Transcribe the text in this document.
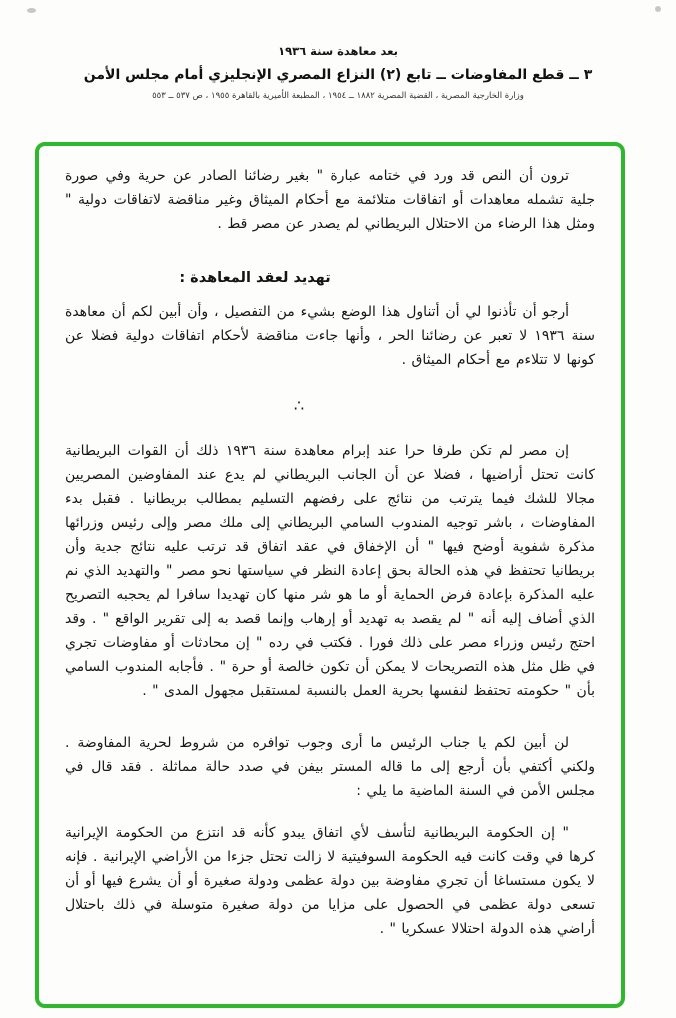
بعد معاهدة سنة ١٩٣٦
٣ ــ قطع المفاوضات ــ تابع (٢) النزاع المصري الإنجليزي أمام مجلس الأمن
وزارة الخارجية المصرية ، القضية المصرية ١٨٨٢ ــ ١٩٥٤ ، المطبعة الأميرية بالقاهرة ١٩٥٥ ، ص ٥٣٧ ــ ٥٥٣

ترون أن النص قد ورد في ختامه عبارة " بغير رضائنا الصادر عن حرية وفي صورة جلية تشمله معاهدات أو اتفاقات متلائمة مع أحكام الميثاق وغير مناقضة لاتفاقات دولية " ومثل هذا الرضاء من الاحتلال البريطاني لم يصدر عن مصر قط .

تهديد لعقد المعاهدة :

أرجو أن تأذنوا لي أن أتناول هذا الوضع بشيء من التفصيل ، وأن أبين لكم أن معاهدة سنة ١٩٣٦ لا تعبر عن رضائنا الحر ، وأنها جاءت مناقضة لأحكام اتفاقات دولية فضلا عن كونها لا تتلاءم مع أحكام الميثاق .

∴

إن مصر لم تكن طرفا حرا عند إبرام معاهدة سنة ١٩٣٦ ذلك أن القوات البريطانية كانت تحتل أراضيها ، فضلا عن أن الجانب البريطاني لم يدع عند المفاوضين المصريين مجالا للشك فيما يترتب من نتائج على رفضهم التسليم بمطالب بريطانيا . فقبل بدء المفاوضات ، باشر توجيه المندوب السامي البريطاني إلى ملك مصر وإلى رئيس وزرائها مذكرة شفوية أوضح فيها " أن الإخفاق في عقد اتفاق قد ترتب عليه نتائج جدية وأن بريطانيا تحتفظ في هذه الحالة بحق إعادة النظر في سياستها نحو مصر " والتهديد الذي نم عليه المذكرة بإعادة فرض الحماية أو ما هو شر منها كان تهديدا سافرا لم يحجبه التصريح الذي أضاف إليه أنه " لم يقصد به تهديد أو إرهاب وإنما قصد به إلى تقرير الواقع " . وقد احتج رئيس وزراء مصر على ذلك فورا . فكتب في رده " إن محادثات أو مفاوضات تجري في ظل مثل هذه التصريحات لا يمكن أن تكون خالصة أو حرة " . فأجابه المندوب السامي بأن " حكومته تحتفظ لنفسها بحرية العمل بالنسبة لمستقبل مجهول المدى " .

لن أبين لكم يا جناب الرئيس ما أرى وجوب توافره من شروط لحرية المفاوضة . ولكني أكتفي بأن أرجع إلى ما قاله المستر بيفن في صدد حالة مماثلة . فقد قال في مجلس الأمن في السنة الماضية ما يلي :

" إن الحكومة البريطانية لتأسف لأي اتفاق يبدو كأنه قد انتزع من الحكومة الإيرانية كرها في وقت كانت فيه الحكومة السوفيتية لا زالت تحتل جزءا من الأراضي الإيرانية . فإنه لا يكون مستساغا أن تجري مفاوضة بين دولة عظمى ودولة صغيرة أو أن يشرع فيها أو أن تسعى دولة عظمى في الحصول على مزايا من دولة صغيرة متوسلة في ذلك باحتلال أراضي هذه الدولة احتلالا عسكريا " .
